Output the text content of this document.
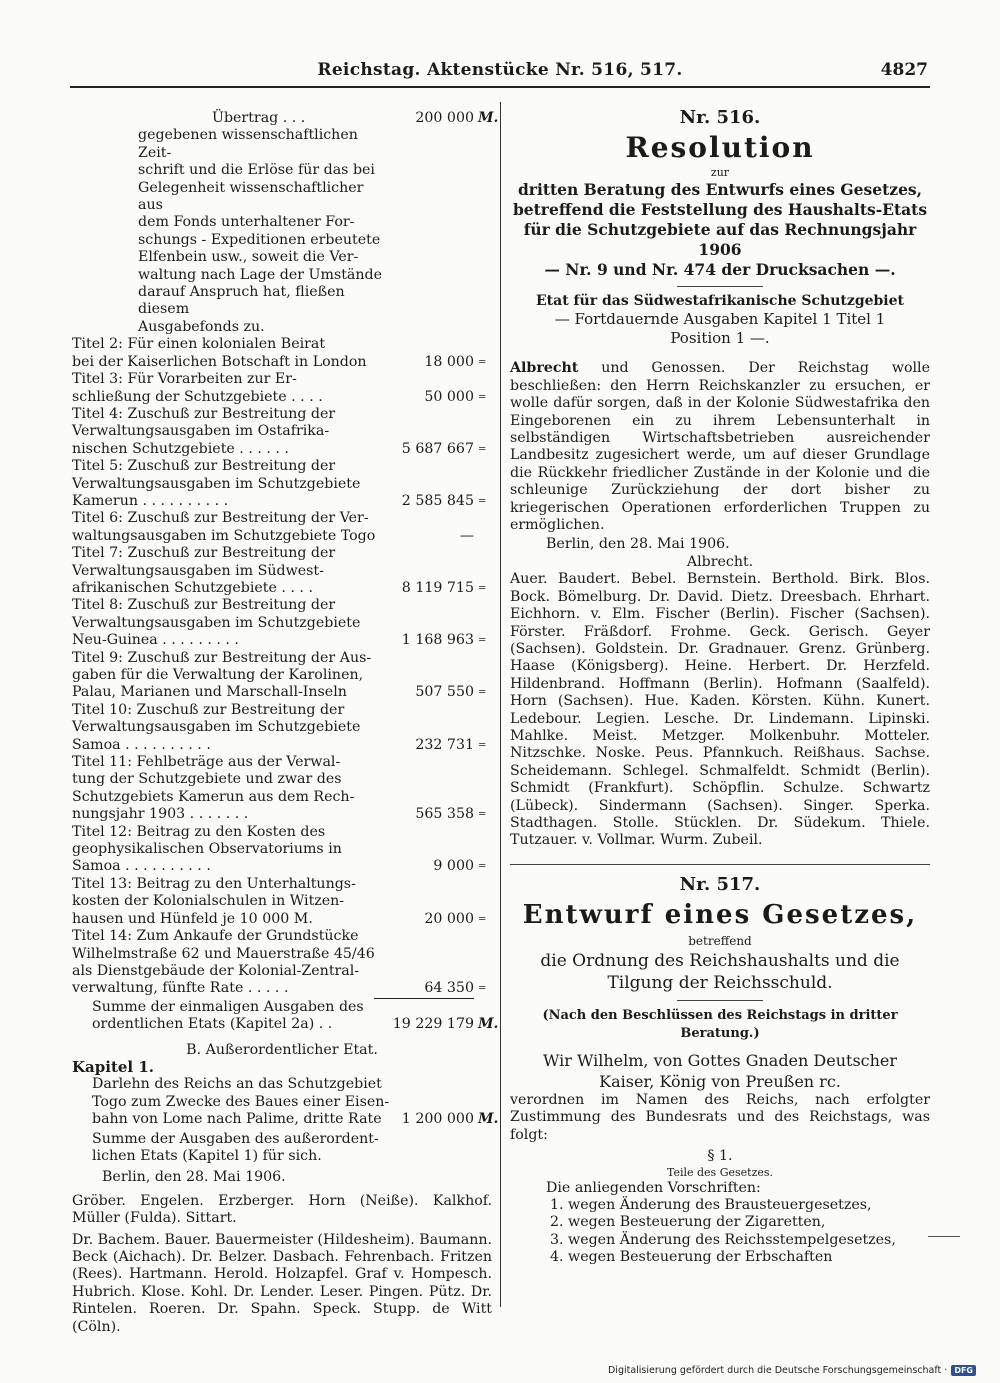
Reichstag. Aktenstücke Nr. 516, 517.	4827
Übertrag . . .	200 000 M.
gegebenen wissenschaftlichen Zeit-
schrift und die Erlöse für das bei
Gelegenheit wissenschaftlicher aus
dem Fonds unterhaltener For-
schungs - Expeditionen erbeutete
Elfenbein usw., soweit die Ver-
waltung nach Lage der Umstände
darauf Anspruch hat, fließen diesem
Ausgabefonds zu.
Titel 2: Für einen kolonialen Beirat
bei der Kaiserlichen Botschaft in London	18 000 =
Titel 3: Für Vorarbeiten zur Er-
schließung der Schutzgebiete . . . .	50 000 =
Titel 4: Zuschuß zur Bestreitung der
Verwaltungsausgaben im Ostafrika-
nischen Schutzgebiete . . . . . .	5 687 667 =
Titel 5: Zuschuß zur Bestreitung der
Verwaltungsausgaben im Schutzgebiete
Kamerun . . . . . . . . . .	2 585 845 =
Titel 6: Zuschuß zur Bestreitung der Ver-
waltungsausgaben im Schutzgebiete Togo	—
Titel 7: Zuschuß zur Bestreitung der
Verwaltungsausgaben im Südwest-
afrikanischen Schutzgebiete . . . .	8 119 715 =
Titel 8: Zuschuß zur Bestreitung der
Verwaltungsausgaben im Schutzgebiete
Neu-Guinea . . . . . . . . .	1 168 963 =
Titel 9: Zuschuß zur Bestreitung der Aus-
gaben für die Verwaltung der Karolinen,
Palau, Marianen und Marschall-Inseln	507 550 =
Titel 10: Zuschuß zur Bestreitung der
Verwaltungsausgaben im Schutzgebiete
Samoa . . . . . . . . . .	232 731 =
Titel 11: Fehlbeträge aus der Verwal-
tung der Schutzgebiete und zwar des
Schutzgebiets Kamerun aus dem Rech-
nungsjahr 1903 . . . . . . .	565 358 =
Titel 12: Beitrag zu den Kosten des
geophysikalischen Observatoriums in
Samoa . . . . . . . . . .	9 000 =
Titel 13: Beitrag zu den Unterhaltungs-
kosten der Kolonialschulen in Witzen-
hausen und Hünfeld je 10 000 M.	20 000 =
Titel 14: Zum Ankaufe der Grundstücke
Wilhelmstraße 62 und Mauerstraße 45/46
als Dienstgebäude der Kolonial-Zentral-
verwaltung, fünfte Rate . . . . .	64 350 =
Summe der einmaligen Ausgaben des
ordentlichen Etats (Kapitel 2a) . .	19 229 179 M.
B. Außerordentlicher Etat.
Kapitel 1.
Darlehn des Reichs an das Schutzgebiet
Togo zum Zwecke des Baues einer Eisen-
bahn von Lome nach Palime, dritte Rate	1 200 000 M.
Summe der Ausgaben des außerordent-
lichen Etats (Kapitel 1) für sich.
Berlin, den 28. Mai 1906.
Gröber. Engelen. Erzberger. Horn (Neiße). Kalkhof. Müller (Fulda). Sittart.
Dr. Bachem. Bauer. Bauermeister (Hildesheim). Baumann. Beck (Aichach). Dr. Belzer. Dasbach. Fehrenbach. Fritzen (Rees). Hartmann. Herold. Holzapfel. Graf v. Hompesch. Hubrich. Klose. Kohl. Dr. Lender. Leser. Pingen. Pütz. Dr. Rintelen. Roeren. Dr. Spahn. Speck. Stupp. de Witt (Cöln).
Nr. 516.
Resolution
zur
dritten Beratung des Entwurfs eines Gesetzes,
betreffend die Feststellung des Haushalts-Etats
für die Schutzgebiete auf das Rechnungsjahr 1906
— Nr. 9 und Nr. 474 der Drucksachen —.
Etat für das Südwestafrikanische Schutzgebiet
— Fortdauernde Ausgaben Kapitel 1 Titel 1
Position 1 —.
Albrecht und Genossen. Der Reichstag wolle beschließen: den Herrn Reichskanzler zu ersuchen, er wolle dafür sorgen, daß in der Kolonie Südwestafrika den Eingeborenen ein zu ihrem Lebensunterhalt in selbständigen Wirtschaftsbetrieben ausreichender Landbesitz zugesichert werde, um auf dieser Grundlage die Rückkehr friedlicher Zustände in der Kolonie und die schleunige Zurückziehung der dort bisher zu kriegerischen Operationen erforderlichen Truppen zu ermöglichen.
Berlin, den 28. Mai 1906.
Albrecht.
Auer. Baudert. Bebel. Bernstein. Berthold. Birk. Blos. Bock. Bömelburg. Dr. David. Dietz. Dreesbach. Ehrhart. Eichhorn. v. Elm. Fischer (Berlin). Fischer (Sachsen). Förster. Fräßdorf. Frohme. Geck. Gerisch. Geyer (Sachsen). Goldstein. Dr. Gradnauer. Grenz. Grünberg. Haase (Königsberg). Heine. Herbert. Dr. Herzfeld. Hildenbrand. Hoffmann (Berlin). Hofmann (Saalfeld). Horn (Sachsen). Hue. Kaden. Körsten. Kühn. Kunert. Ledebour. Legien. Lesche. Dr. Lindemann. Lipinski. Mahlke. Meist. Metzger. Molkenbuhr. Motteler. Nitzschke. Noske. Peus. Pfannkuch. Reißhaus. Sachse. Scheidemann. Schlegel. Schmalfeldt. Schmidt (Berlin). Schmidt (Frankfurt). Schöpflin. Schulze. Schwartz (Lübeck). Sindermann (Sachsen). Singer. Sperka. Stadthagen. Stolle. Stücklen. Dr. Südekum. Thiele. Tutzauer. v. Vollmar. Wurm. Zubeil.
Nr. 517.
Entwurf eines Gesetzes,
betreffend
die Ordnung des Reichshaushalts und die
Tilgung der Reichsschuld.
(Nach den Beschlüssen des Reichstags in dritter Beratung.)
Wir Wilhelm, von Gottes Gnaden Deutscher
Kaiser, König von Preußen rc.
verordnen im Namen des Reichs, nach erfolgter Zustimmung des Bundesrats und des Reichstags, was folgt:
§ 1.
Teile des Gesetzes.
Die anliegenden Vorschriften:
1. wegen Änderung des Brausteuergesetzes,
2. wegen Besteuerung der Zigaretten,
3. wegen Änderung des Reichsstempelgesetzes,
4. wegen Besteuerung der Erbschaften
Digitalisierung gefördert durch die Deutsche Forschungsgemeinschaft · DFG
